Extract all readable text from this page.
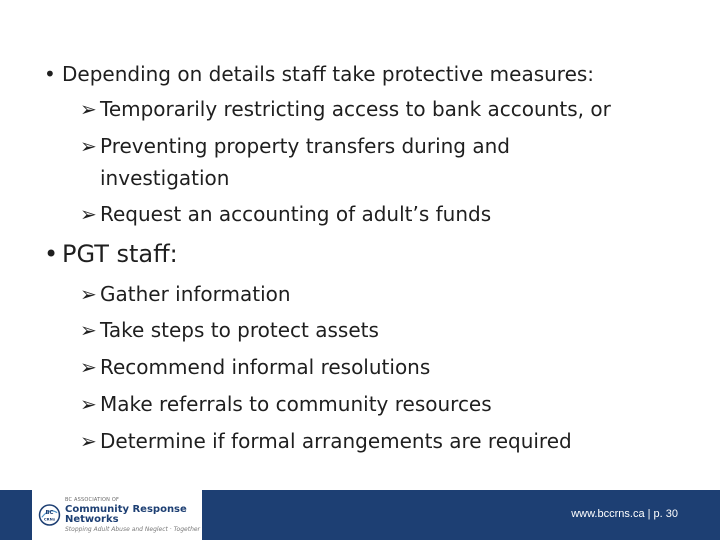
• Depending on details staff take protective measures:
➢ Temporarily restricting access to bank accounts, or
➢ Preventing property transfers during and
investigation
➢ Request an accounting of adult’s funds
• PGT staff:
➢ Gather information
➢ Take steps to protect assets
➢ Recommend informal resolutions
➢ Make referrals to community resources
➢ Determine if formal arrangements are required
BC
CRNs
BC ASSOCIATION OF
Community Response Networks
Stopping Adult Abuse and Neglect · Together
www.bccrns.ca | p. 30
